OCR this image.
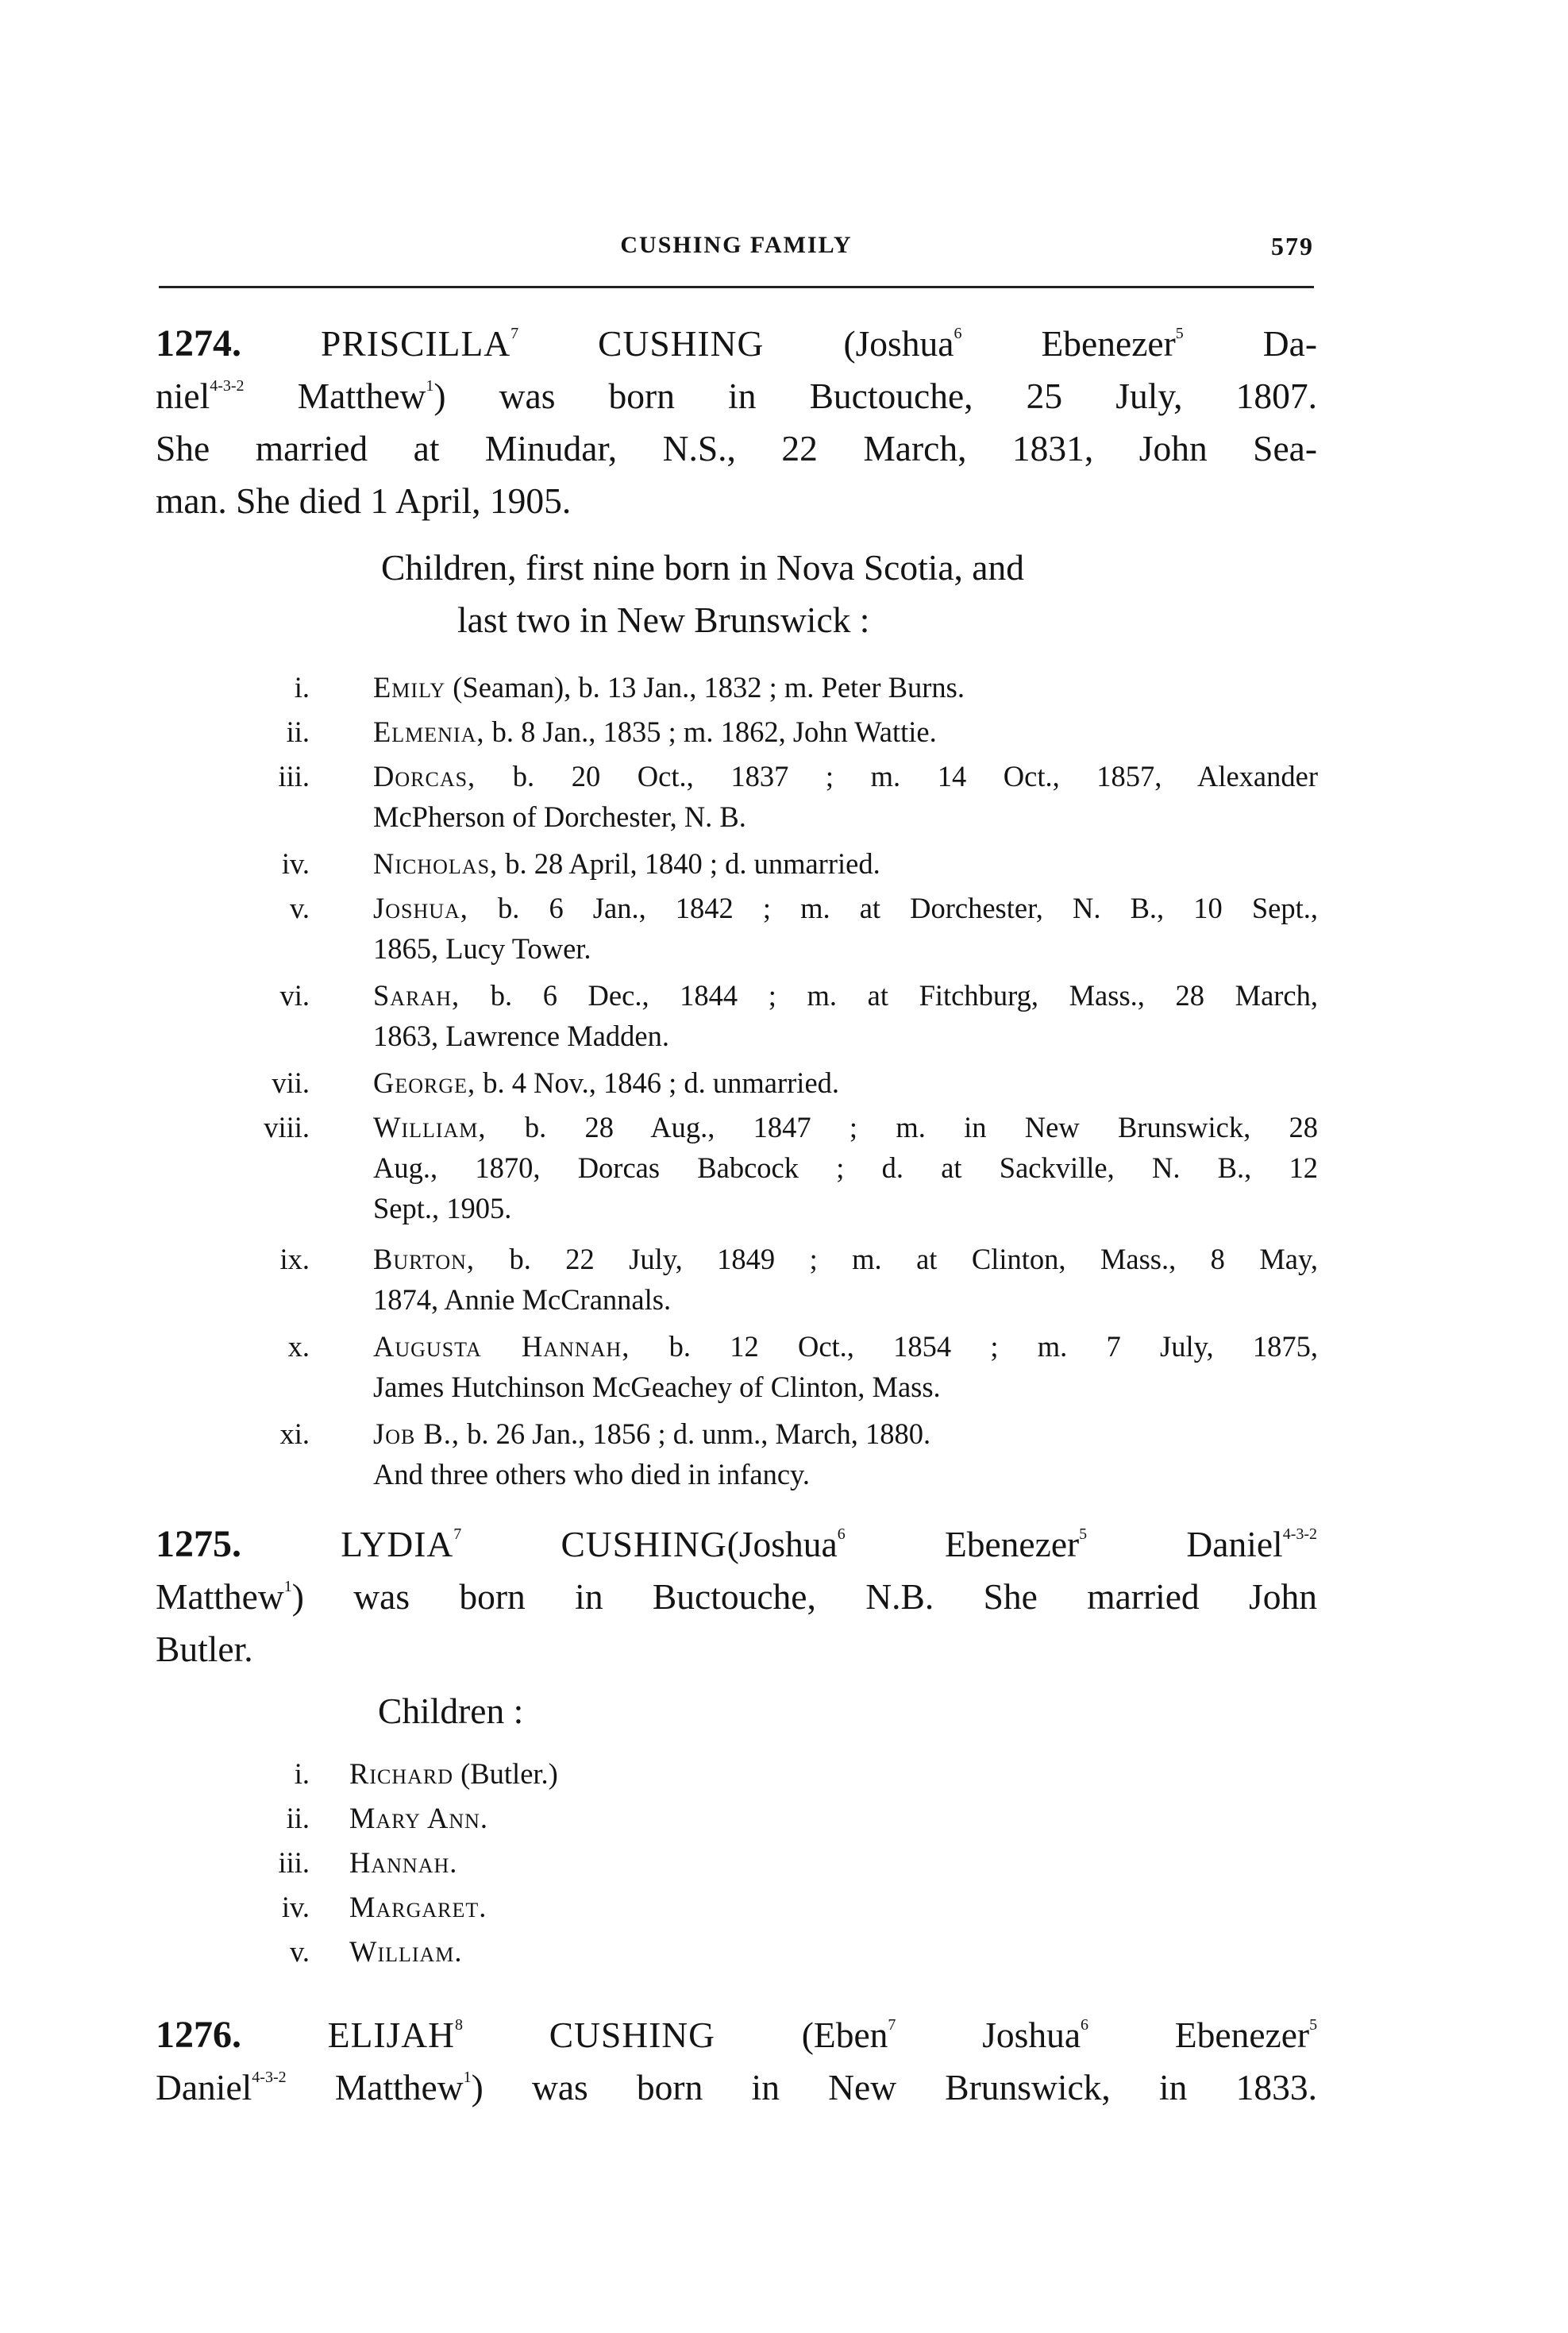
CUSHING FAMILY	579
1274. PRISCILLA$^7$ CUSHING (Joshua$^6$ Ebenezer$^5$ Da-
niel$^{4-3-2}$ Matthew$^1$) was born in Buctouche, 25 July, 1807.
She married at Minudar, N.S., 22 March, 1831, John Sea-
man. She died 1 April, 1905.
Children, first nine born in Nova Scotia, and
last two in New Brunswick :
i. Emily (Seaman), b. 13 Jan., 1832 ; m. Peter Burns.
ii. Elmenia, b. 8 Jan., 1835 ; m. 1862, John Wattie.
iii. Dorcas, b. 20 Oct., 1837 ; m. 14 Oct., 1857, Alexander
McPherson of Dorchester, N. B.
iv. Nicholas, b. 28 April, 1840 ; d. unmarried.
v. Joshua, b. 6 Jan., 1842 ; m. at Dorchester, N. B., 10 Sept.,
1865, Lucy Tower.
vi. Sarah, b. 6 Dec., 1844 ; m. at Fitchburg, Mass., 28 March,
1863, Lawrence Madden.
vii. George, b. 4 Nov., 1846 ; d. unmarried.
viii. William, b. 28 Aug., 1847 ; m. in New Brunswick, 28
Aug., 1870, Dorcas Babcock ; d. at Sackville, N. B., 12
Sept., 1905.
ix. Burton, b. 22 July, 1849 ; m. at Clinton, Mass., 8 May,
1874, Annie McCrannals.
x. Augusta Hannah, b. 12 Oct., 1854 ; m. 7 July, 1875,
James Hutchinson McGeachey of Clinton, Mass.
xi. Job B., b. 26 Jan., 1856 ; d. unm., March, 1880.
And three others who died in infancy.
1275.	LYDIA$^7$	CUSHING(Joshua$^6$	Ebenezer$^5$	Daniel$^{4-3-2}$
Matthew$^1$) was born in Buctouche, N.B. She married John
Butler.
Children :
i. Richard (Butler.)
ii. Mary Ann.
iii. Hannah.
iv. Margaret.
v. William.
1276. ELIJAH$^8$ CUSHING (Eben$^7$ Joshua$^6$ Ebenezer$^5$
Daniel$^{4-3-2}$ Matthew$^1$) was born in New Brunswick, in 1833.
